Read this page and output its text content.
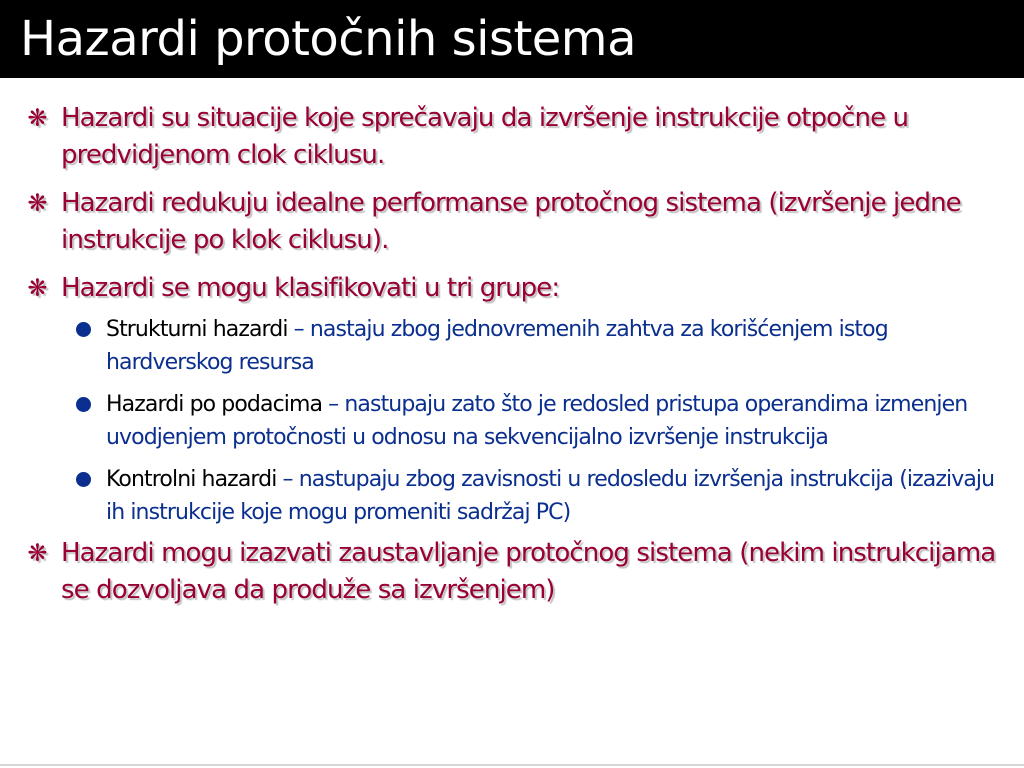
Hazardi protočnih sistema
❋ Hazardi su situacije koje sprečavaju da izvršenje instrukcije otpočne u predvidjenom clok ciklusu.
❋ Hazardi redukuju idealne performanse protočnog sistema (izvršenje jedne instrukcije po klok ciklusu).
❋ Hazardi se mogu klasifikovati u tri grupe:
Strukturni hazardi – nastaju zbog jednovremenih zahtva za korišćenjem istog hardverskog resursa
Hazardi po podacima – nastupaju zato što je redosled pristupa operandima izmenjen uvodjenjem protočnosti u odnosu na sekvencijalno izvršenje instrukcija
Kontrolni hazardi – nastupaju zbog zavisnosti u redosledu izvršenja instrukcija (izazivaju ih instrukcije koje mogu promeniti sadržaj PC)
❋ Hazardi mogu izazvati zaustavljanje protočnog sistema (nekim instrukcijama se dozvoljava da produže sa izvršenjem)
